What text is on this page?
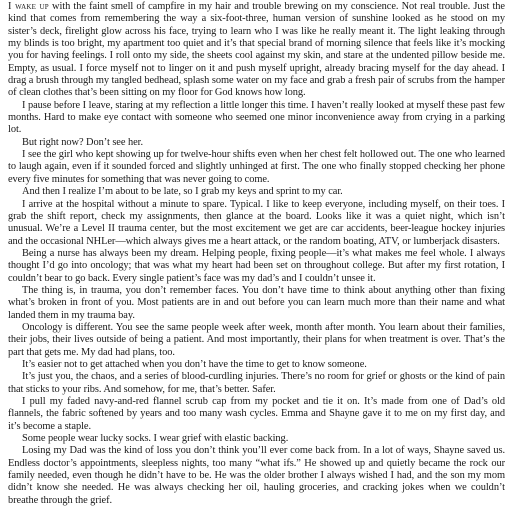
I wake up with the faint smell of campfire in my hair and trouble brewing on my conscience. Not real trouble. Just the kind that comes from remembering the way a six-foot-three, human version of sunshine looked as he stood on my sister’s deck, firelight glow across his face, trying to learn who I was like he really meant it. The light leaking through my blinds is too bright, my apartment too quiet and it’s that special brand of morning silence that feels like it’s mocking you for having feelings. I roll onto my side, the sheets cool against my skin, and stare at the undented pillow beside me. Empty, as usual. I force myself not to linger on it and push myself upright, already bracing myself for the day ahead. I drag a brush through my tangled bedhead, splash some water on my face and grab a fresh pair of scrubs from the hamper of clean clothes that’s been sitting on my floor for God knows how long.

I pause before I leave, staring at my reflection a little longer this time. I haven’t really looked at myself these past few months. Hard to make eye contact with someone who seemed one minor inconvenience away from crying in a parking lot.

But right now? Don’t see her.

I see the girl who kept showing up for twelve-hour shifts even when her chest felt hollowed out. The one who learned to laugh again, even if it sounded forced and slightly unhinged at first. The one who finally stopped checking her phone every five minutes for something that was never going to come.

And then I realize I’m about to be late, so I grab my keys and sprint to my car.

I arrive at the hospital without a minute to spare. Typical. I like to keep everyone, including myself, on their toes. I grab the shift report, check my assignments, then glance at the board. Looks like it was a quiet night, which isn’t unusual. We’re a Level II trauma center, but the most excitement we get are car accidents, beer-league hockey injuries and the occasional NHLer—which always gives me a heart attack, or the random boating, ATV, or lumberjack disasters.

Being a nurse has always been my dream. Helping people, fixing people—it’s what makes me feel whole. I always thought I’d go into oncology; that was what my heart had been set on throughout college. But after my first rotation, I couldn’t bear to go back. Every single patient’s face was my dad’s and I couldn’t unsee it.

The thing is, in trauma, you don’t remember faces. You don’t have time to think about anything other than fixing what’s broken in front of you. Most patients are in and out before you can learn much more than their name and what landed them in my trauma bay.

Oncology is different. You see the same people week after week, month after month. You learn about their families, their jobs, their lives outside of being a patient. And most importantly, their plans for when treatment is over. That’s the part that gets me. My dad had plans, too.

It’s easier not to get attached when you don’t have the time to get to know someone.

It’s just you, the chaos, and a series of blood-curdling injuries. There’s no room for grief or ghosts or the kind of pain that sticks to your ribs. And somehow, for me, that’s better. Safer.

I pull my faded navy-and-red flannel scrub cap from my pocket and tie it on. It’s made from one of Dad’s old flannels, the fabric softened by years and too many wash cycles. Emma and Shayne gave it to me on my first day, and it’s become a staple.

Some people wear lucky socks. I wear grief with elastic backing.

Losing my Dad was the kind of loss you don’t think you’ll ever come back from. In a lot of ways, Shayne saved us. Endless doctor’s appointments, sleepless nights, too many “what ifs.” He showed up and quietly became the rock our family needed, even though he didn’t have to be. He was the older brother I always wished I had, and the son my mom didn’t know she needed. He was always checking her oil, hauling groceries, and cracking jokes when we couldn’t breathe through the grief.
